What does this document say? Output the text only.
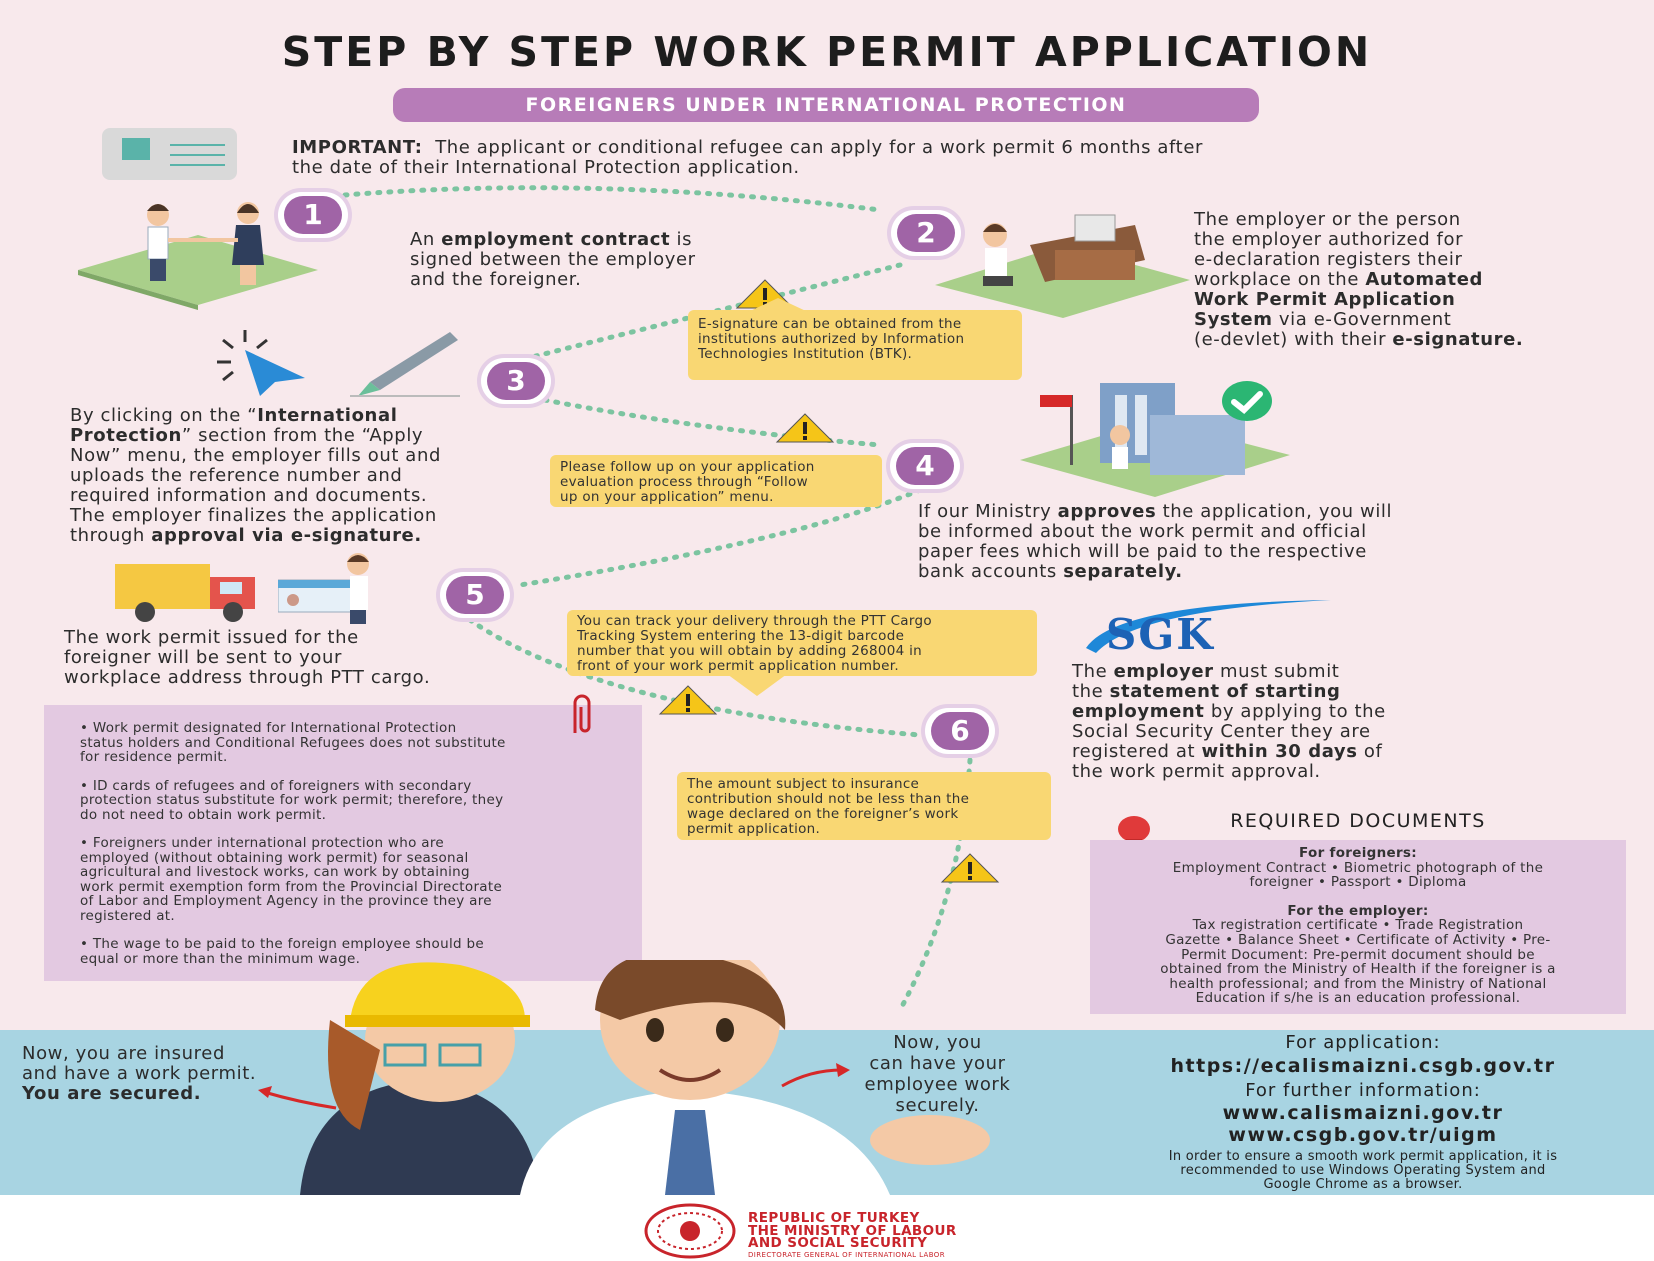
STEP BY STEP WORK PERMIT APPLICATION
FOREIGNERS UNDER INTERNATIONAL PROTECTION
IMPORTANT: The applicant or conditional refugee can apply for a work permit 6 months after
the date of their International Protection application.
1
An employment contract is
signed between the employer
and the foreigner.
2	The employer or the person
the employer authorized for
e-declaration registers their
workplace on the Automated
Work Permit Application
System via e-Government
(e-devlet) with their e-signature.
E-signature can be obtained from the
institutions authorized by Information
Technologies Institution (BTK).
3
By clicking on the “International
Protection” section from the “Apply
Now” menu, the employer fills out and
uploads the reference number and
required information and documents.
The employer finalizes the application
through approval via e-signature.
Please follow up on your application
evaluation process through “Follow
up on your application” menu.
4
If our Ministry approves the application, you will
be informed about the work permit and official
paper fees which will be paid to the respective
bank accounts separately.
5
The work permit issued for the
foreigner will be sent to your
workplace address through PTT cargo.
You can track your delivery through the PTT Cargo
Tracking System entering the 13-digit barcode
number that you will obtain by adding 268004 in
front of your work permit application number.
SGK
6
The employer must submit
the statement of starting
employment by applying to the
Social Security Center they are
registered at within 30 days of
the work permit approval.
The amount subject to insurance
contribution should not be less than the
wage declared on the foreigner’s work
permit application.

• Work permit designated for International Protection
status holders and Conditional Refugees does not substitute
for residence permit.

• ID cards of refugees and of foreigners with secondary
protection status substitute for work permit; therefore, they
do not need to obtain work permit.

• Foreigners under international protection who are
employed (without obtaining work permit) for seasonal
agricultural and livestock works, can work by obtaining
work permit exemption form from the Provincial Directorate
of Labor and Employment Agency in the province they are
registered at.

• The wage to be paid to the foreign employee should be
equal or more than the minimum wage.

REQUIRED DOCUMENTS
For foreigners:
Employment Contract • Biometric photograph of the
foreigner • Passport • Diploma
For the employer:
Tax registration certificate • Trade Registration
Gazette • Balance Sheet • Certificate of Activity • Pre-
Permit Document: Pre-permit document should be
obtained from the Ministry of Health if the foreigner is a
health professional; and from the Ministry of National
Education if s/he is an education professional.
Now, you are insured
and have a work permit.
You are secured.
Now, you
can have your
employee work
securely.
For application:
https://ecalismaizni.csgb.gov.tr
For further information:
www.calismaizni.gov.tr
www.csgb.gov.tr/uigm
In order to ensure a smooth work permit application, it is
recommended to use Windows Operating System and
Google Chrome as a browser.
REPUBLIC OF TURKEY
THE MINISTRY OF LABOUR
AND SOCIAL SECURITY
DIRECTORATE GENERAL OF INTERNATIONAL LABOR
